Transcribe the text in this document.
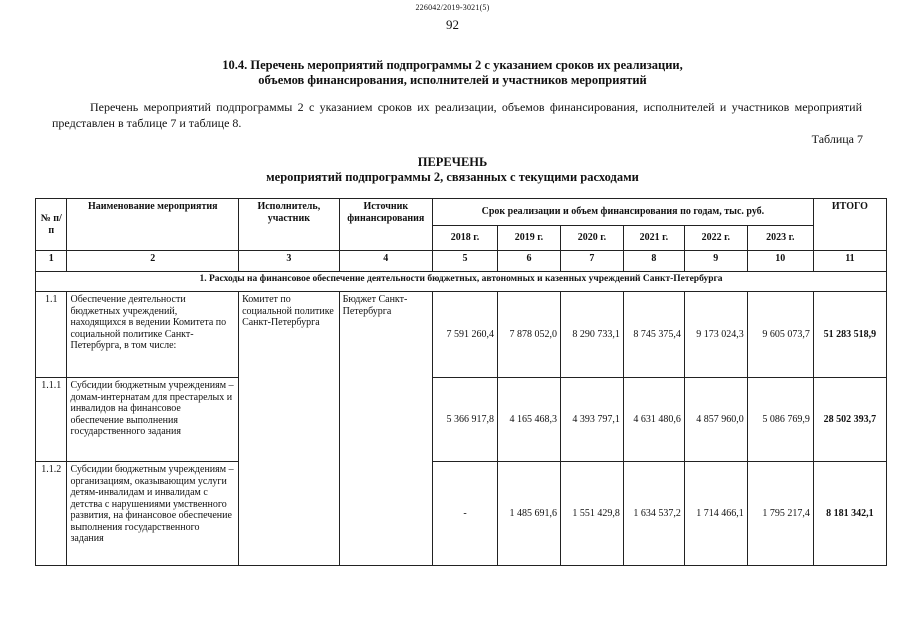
226042/2019-3021(5)
92
10.4. Перечень мероприятий подпрограммы 2 с указанием сроков их реализации,
объемов финансирования, исполнителей и участников мероприятий
Перечень мероприятий подпрограммы 2 с указанием сроков их реализации, объемов финансирования, исполнителей и участников мероприятий представлен в таблице 7 и таблице 8.
Таблица 7
ПЕРЕЧЕНЬ
мероприятий подпрограммы 2, связанных с текущими расходами
№ п/п	Наименование мероприятия	Исполнитель, участник	Источник финансирования	Срок реализации и объем финансирования по годам, тыс. руб.						ИТОГО
				2018 г.	2019 г.	2020 г.	2021 г.	2022 г.	2023 г.	
1	2	3	4	5	6	7	8	9	10	11
1. Расходы на финансовое обеспечение деятельности бюджетных, автономных и казенных учреждений Санкт-Петербурга										
1.1	Обеспечение деятельности бюджетных учреждений, находящихся в ведении Комитета по социальной политике Санкт-Петербурга, в том числе:	Комитет по социальной политике Санкт-Петербурга	Бюджет Санкт-Петербурга	7 591 260,4	7 878 052,0	8 290 733,1	8 745 375,4	9 173 024,3	9 605 073,7	51 283 518,9
1.1.1	Субсидии бюджетным учреждениям – домам-интернатам для престарелых и инвалидов на финансовое обеспечение выполнения государственного задания			5 366 917,8	4 165 468,3	4 393 797,1	4 631 480,6	4 857 960,0	5 086 769,9	28 502 393,7
1.1.2	Субсидии бюджетным учреждениям – организациям, оказывающим услуги детям-инвалидам и инвалидам с детства с нарушениями умственного развития, на финансовое обеспечение выполнения государственного задания			-	1 485 691,6	1 551 429,8	1 634 537,2	1 714 466,1	1 795 217,4	8 181 342,1
